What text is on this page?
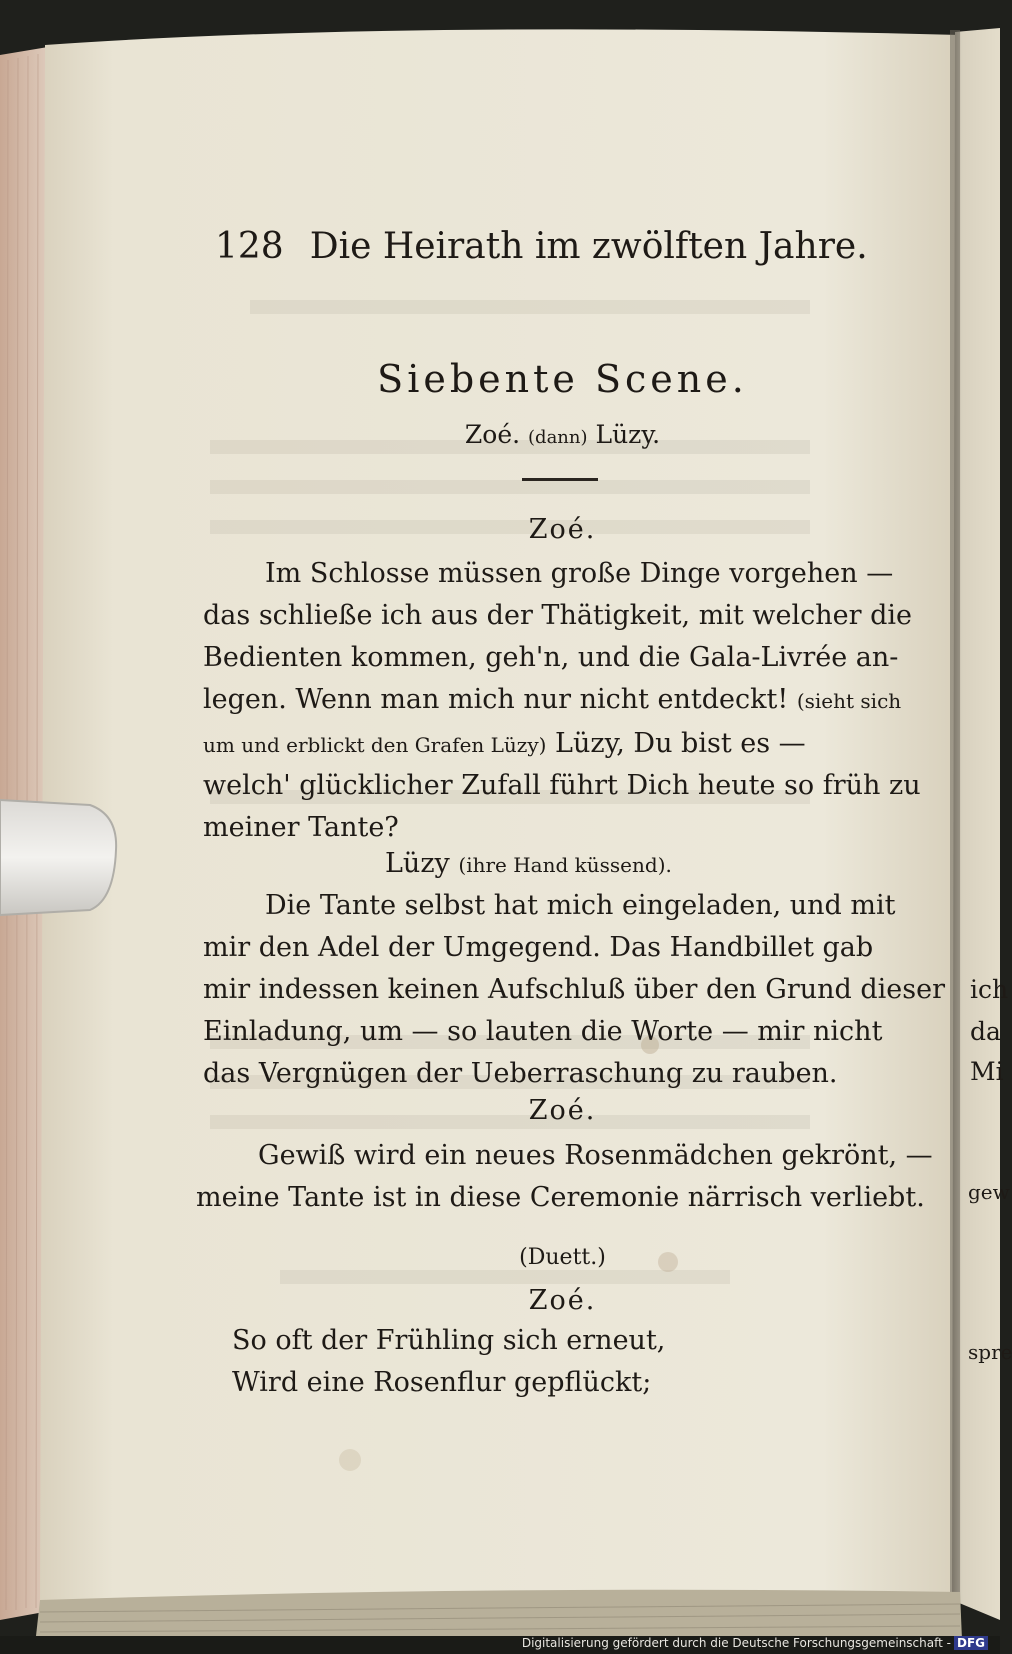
128 Die Heirath im zwölften Jahre.
Siebente Scene.
Zoé. (dann) Lüzy.
Zoé.
Im Schlosse müssen große Dinge vorgehen —
das schließe ich aus der Thätigkeit, mit welcher die
Bedienten kommen, geh'n, und die Gala-Livrée an-
legen. Wenn man mich nur nicht entdeckt! (sieht sich
um und erblickt den Grafen Lüzy) Lüzy, Du bist es —
welch' glücklicher Zufall führt Dich heute so früh zu
meiner Tante?
Lüzy (ihre Hand küssend).
Die Tante selbst hat mich eingeladen, und mit
mir den Adel der Umgegend. Das Handbillet gab
mir indessen keinen Aufschluß über den Grund dieser
Einladung, um — so lauten die Worte — mir nicht
das Vergnügen der Ueberraschung zu rauben.
Zoé.
Gewiß wird ein neues Rosenmädchen gekrönt, —
meine Tante ist in diese Ceremonie närrisch verliebt.
(Duett.)
Zoé.
So oft der Frühling sich erneut,
Wird eine Rosenflur gepflückt;
ich
da
Mi
gew
spre
Digitalisierung gefördert durch die Deutsche Forschungsgemeinschaft - DFG
